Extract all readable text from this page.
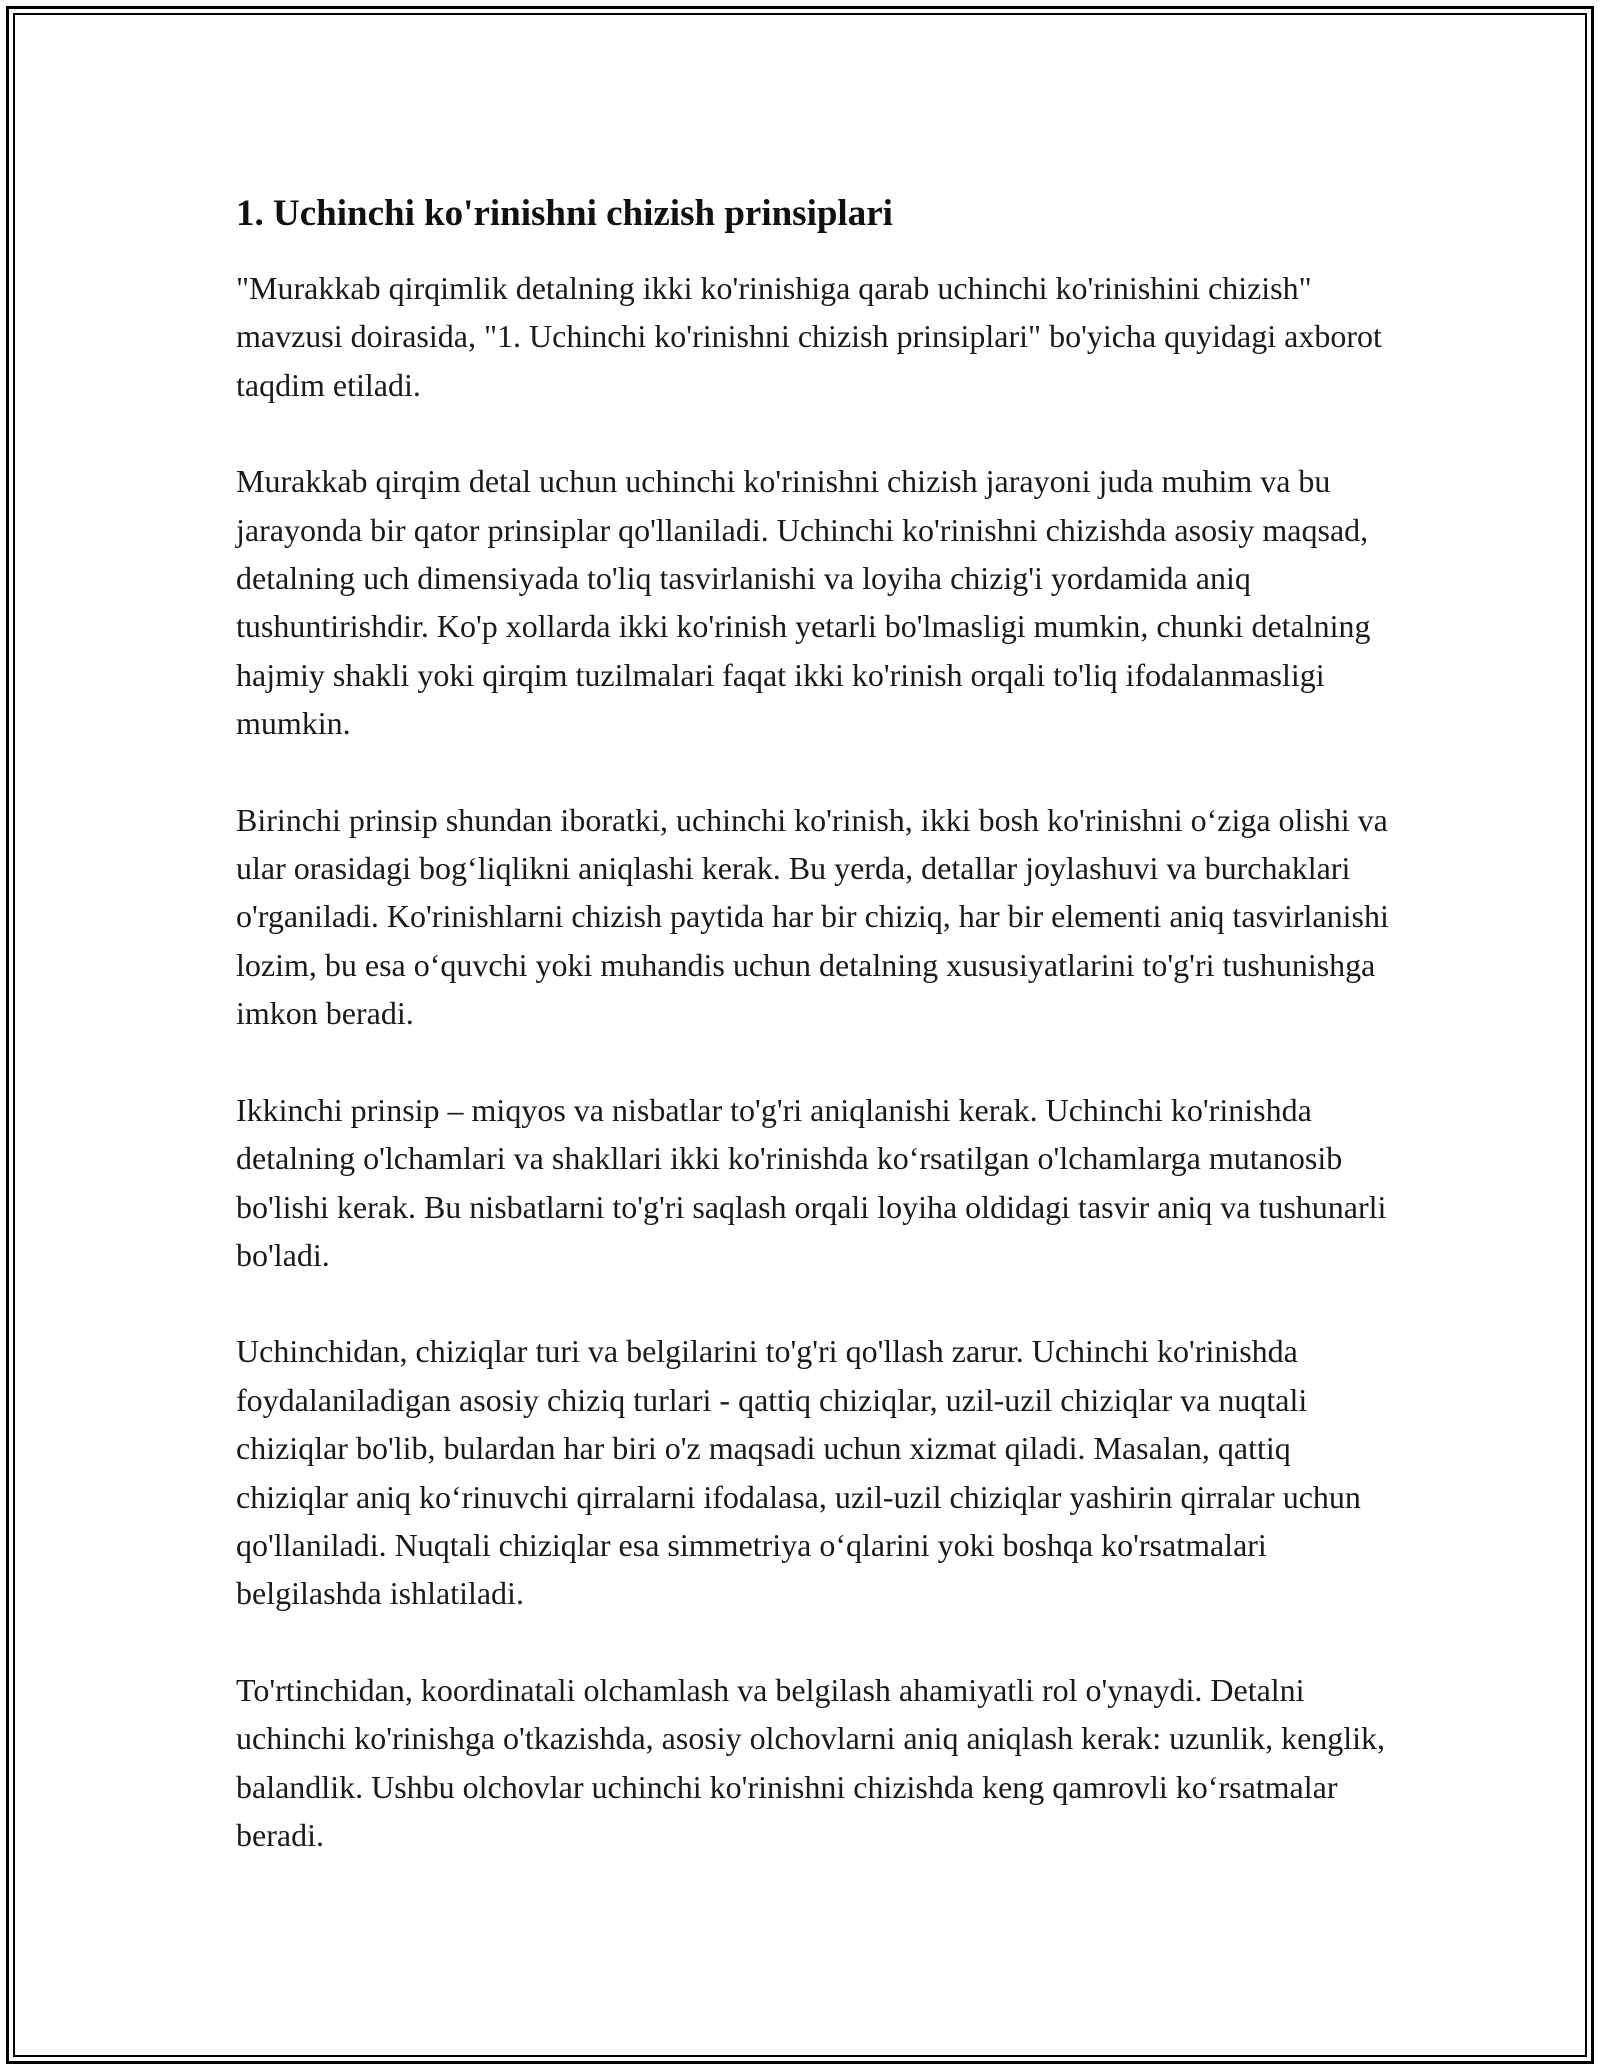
1. Uchinchi ko'rinishni chizish prinsiplari

"Murakkab qirqimlik detalning ikki ko'rinishiga qarab uchinchi ko'rinishini chizish" mavzusi doirasida, "1. Uchinchi ko'rinishni chizish prinsiplari" bo'yicha quyidagi axborot taqdim etiladi.

Murakkab qirqim detal uchun uchinchi ko'rinishni chizish jarayoni juda muhim va bu jarayonda bir qator prinsiplar qo'llaniladi. Uchinchi ko'rinishni chizishda asosiy maqsad, detalning uch dimensiyada to'liq tasvirlanishi va loyiha chizig'i yordamida aniq tushuntirishdir. Ko'p xollarda ikki ko'rinish yetarli bo'lmasligi mumkin, chunki detalning hajmiy shakli yoki qirqim tuzilmalari faqat ikki ko'rinish orqali to'liq ifodalanmasligi mumkin.

Birinchi prinsip shundan iboratki, uchinchi ko'rinish, ikki bosh ko'rinishni o‘ziga olishi va ular orasidagi bog‘liqlikni aniqlashi kerak. Bu yerda, detallar joylashuvi va burchaklari o'rganiladi. Ko'rinishlarni chizish paytida har bir chiziq, har bir elementi aniq tasvirlanishi lozim, bu esa o‘quvchi yoki muhandis uchun detalning xususiyatlarini to'g'ri tushunishga imkon beradi.

Ikkinchi prinsip – miqyos va nisbatlar to'g'ri aniqlanishi kerak. Uchinchi ko'rinishda detalning o'lchamlari va shakllari ikki ko'rinishda ko‘rsatilgan o'lchamlarga mutanosib bo'lishi kerak. Bu nisbatlarni to'g'ri saqlash orqali loyiha oldidagi tasvir aniq va tushunarli bo'ladi.

Uchinchidan, chiziqlar turi va belgilarini to'g'ri qo'llash zarur. Uchinchi ko'rinishda foydalaniladigan asosiy chiziq turlari - qattiq chiziqlar, uzil-uzil chiziqlar va nuqtali chiziqlar bo'lib, bulardan har biri o'z maqsadi uchun xizmat qiladi. Masalan, qattiq chiziqlar aniq ko‘rinuvchi qirralarni ifodalasa, uzil-uzil chiziqlar yashirin qirralar uchun qo'llaniladi. Nuqtali chiziqlar esa simmetriya o‘qlarini yoki boshqa ko'rsatmalari belgilashda ishlatiladi.

To'rtinchidan, koordinatali olchamlash va belgilash ahamiyatli rol o'ynaydi. Detalni uchinchi ko'rinishga o'tkazishda, asosiy olchovlarni aniq aniqlash kerak: uzunlik, kenglik, balandlik. Ushbu olchovlar uchinchi ko'rinishni chizishda keng qamrovli ko‘rsatmalar beradi.
